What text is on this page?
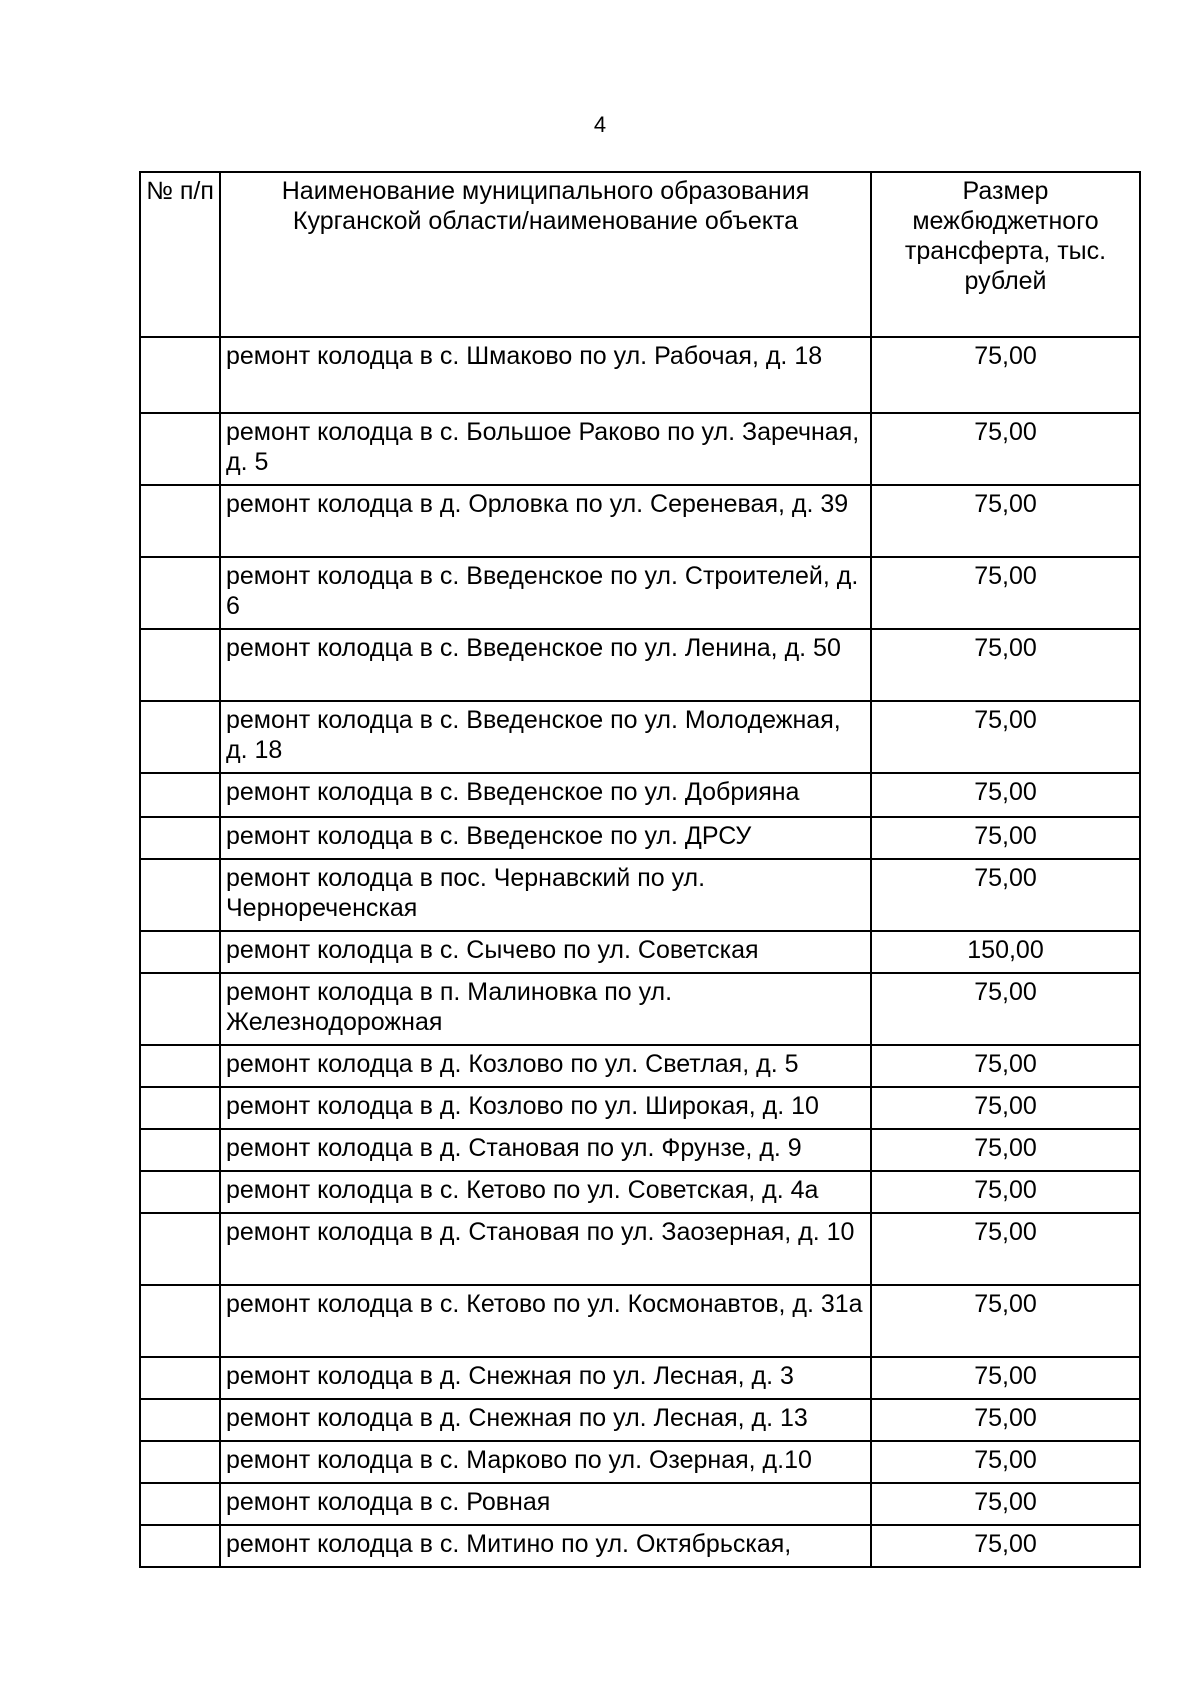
4
№ п/п	Наименование муниципального образования Курганской области/наименование объекта	Размер межбюджетного трансферта, тыс. рублей
	ремонт колодца в с. Шмаково по ул. Рабочая, д. 18	75,00
	ремонт колодца в с. Большое Раково по ул. Заречная, д. 5	75,00
	ремонт колодца в д. Орловка по ул. Сереневая, д. 39	75,00
	ремонт колодца в с. Введенское по ул. Строителей, д. 6	75,00
	ремонт колодца в с. Введенское по ул. Ленина, д. 50	75,00
	ремонт колодца в с. Введенское по ул. Молодежная, д. 18	75,00
	ремонт колодца в с. Введенское по ул. Добрияна	75,00
	ремонт колодца в с. Введенское по ул. ДРСУ	75,00
	ремонт колодца в пос. Чернавский по ул. Чернореченская	75,00
	ремонт колодца в с. Сычево по ул. Советская	150,00
	ремонт колодца в п. Малиновка по ул. Железнодорожная	75,00
	ремонт колодца в д. Козлово по ул. Светлая, д. 5	75,00
	ремонт колодца в д. Козлово по ул. Широкая, д. 10	75,00
	ремонт колодца в д. Становая по ул. Фрунзе, д. 9	75,00
	ремонт колодца в с. Кетово по ул. Советская, д. 4а	75,00
	ремонт колодца в д. Становая по ул. Заозерная, д. 10	75,00
	ремонт колодца в с. Кетово по ул. Космонавтов, д. 31а	75,00
	ремонт колодца в д. Снежная по ул. Лесная, д. 3	75,00
	ремонт колодца в д. Снежная по ул. Лесная, д. 13	75,00
	ремонт колодца в с. Марково по ул. Озерная, д.10	75,00
	ремонт колодца в с. Ровная	75,00
	ремонт колодца в с. Митино по ул. Октябрьская,	75,00
